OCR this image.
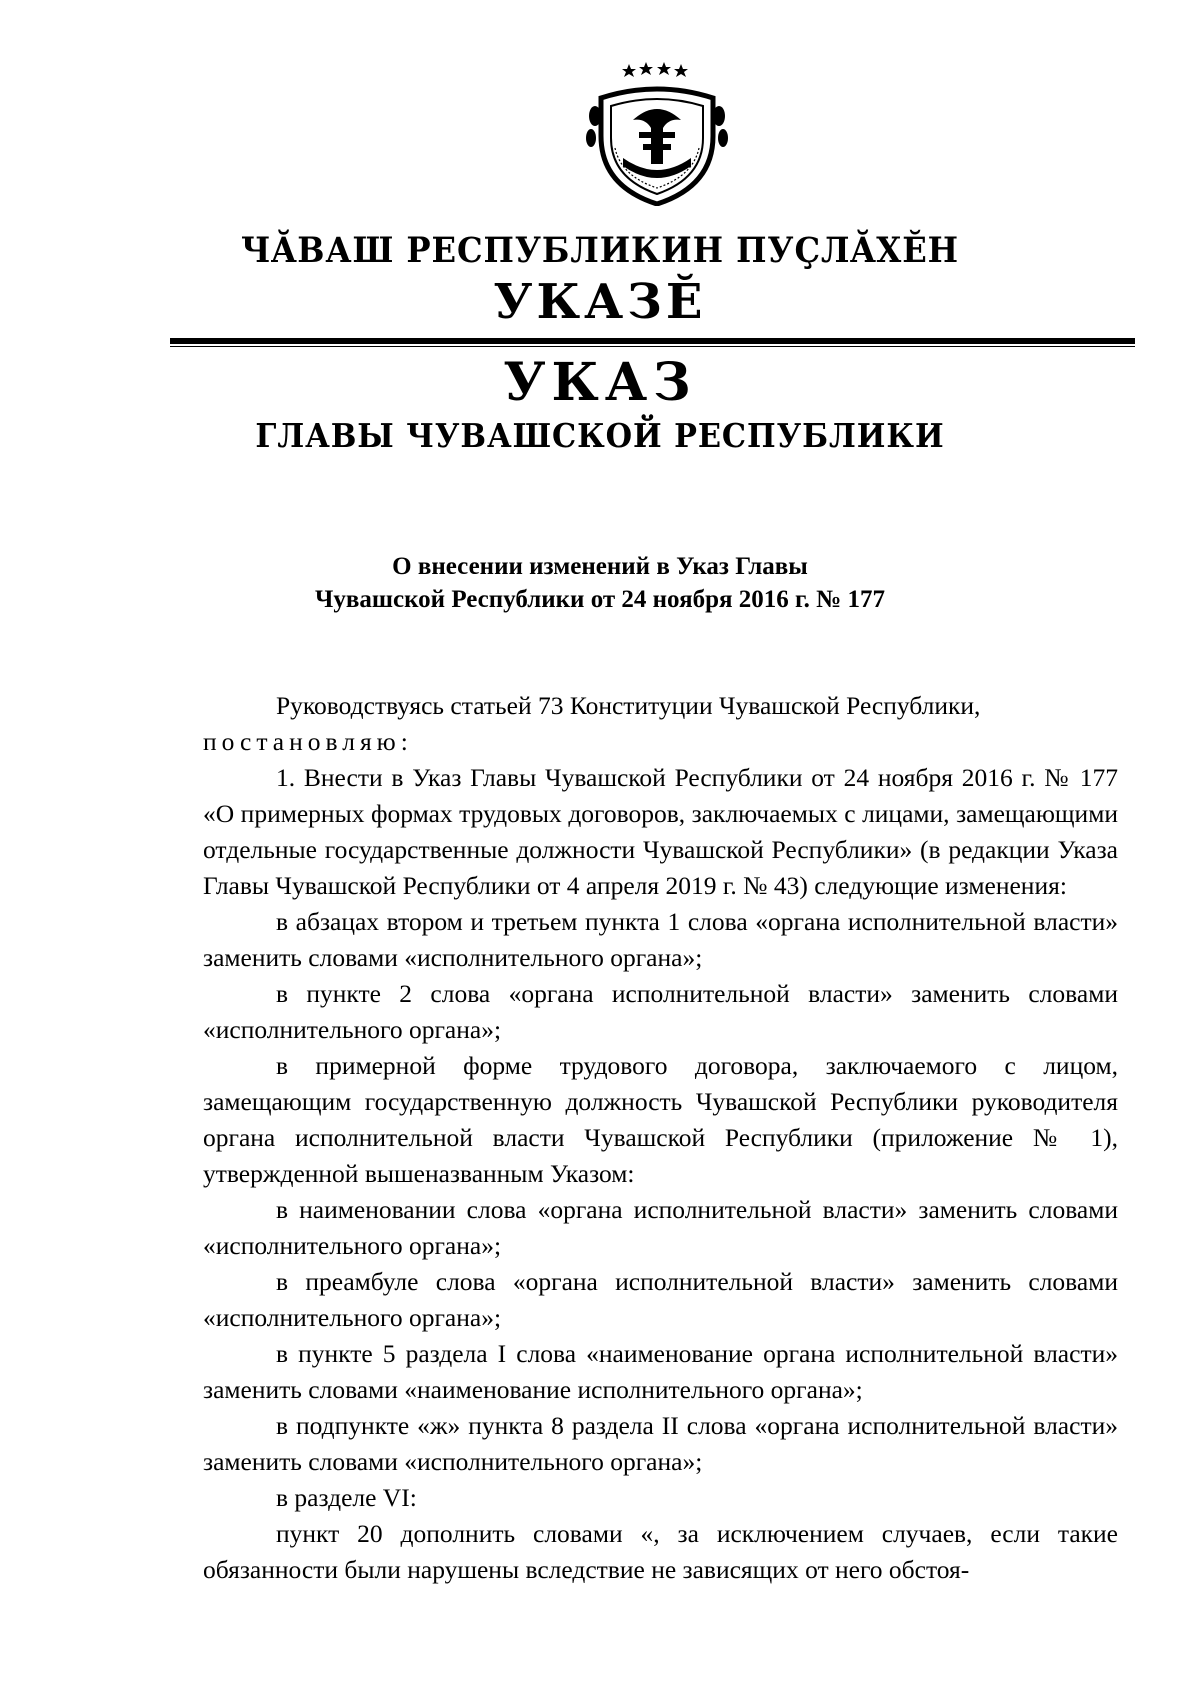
ЧĂВАШ РЕСПУБЛИКИН ПУÇЛĂХĔН
УКАЗĔ
УКАЗ
ГЛАВЫ ЧУВАШСКОЙ РЕСПУБЛИКИ
О внесении изменений в Указ Главы
Чувашской Республики от 24 ноября 2016 г. № 177

Руководствуясь статьей 73 Конституции Чувашской Республики,

постановляю:

1. Внести в Указ Главы Чувашской Республики от 24 ноября 2016 г. № 177 «О примерных формах трудовых договоров, заключаемых с лицами, замещающими отдельные государственные должности Чувашской Республики» (в редакции Указа Главы Чувашской Республики от 4 апреля 2019 г. № 43) следующие изменения:

в абзацах втором и третьем пункта 1 слова «органа исполнительной власти» заменить словами «исполнительного органа»;

в пункте 2 слова «органа исполнительной власти» заменить словами «исполнительного органа»;

в примерной форме трудового договора, заключаемого с лицом, замещающим государственную должность Чувашской Республики руководителя органа исполнительной власти Чувашской Республики (приложение № 1), утвержденной вышеназванным Указом:

в наименовании слова «органа исполнительной власти» заменить словами «исполнительного органа»;

в преамбуле слова «органа исполнительной власти» заменить словами «исполнительного органа»;

в пункте 5 раздела I слова «наименование органа исполнительной власти» заменить словами «наименование исполнительного органа»;

в подпункте «ж» пункта 8 раздела II слова «органа исполнительной власти» заменить словами «исполнительного органа»;

в разделе VI:

пункт 20 дополнить словами «, за исключением случаев, если такие обязанности были нарушены вследствие не зависящих от него обстоя-
